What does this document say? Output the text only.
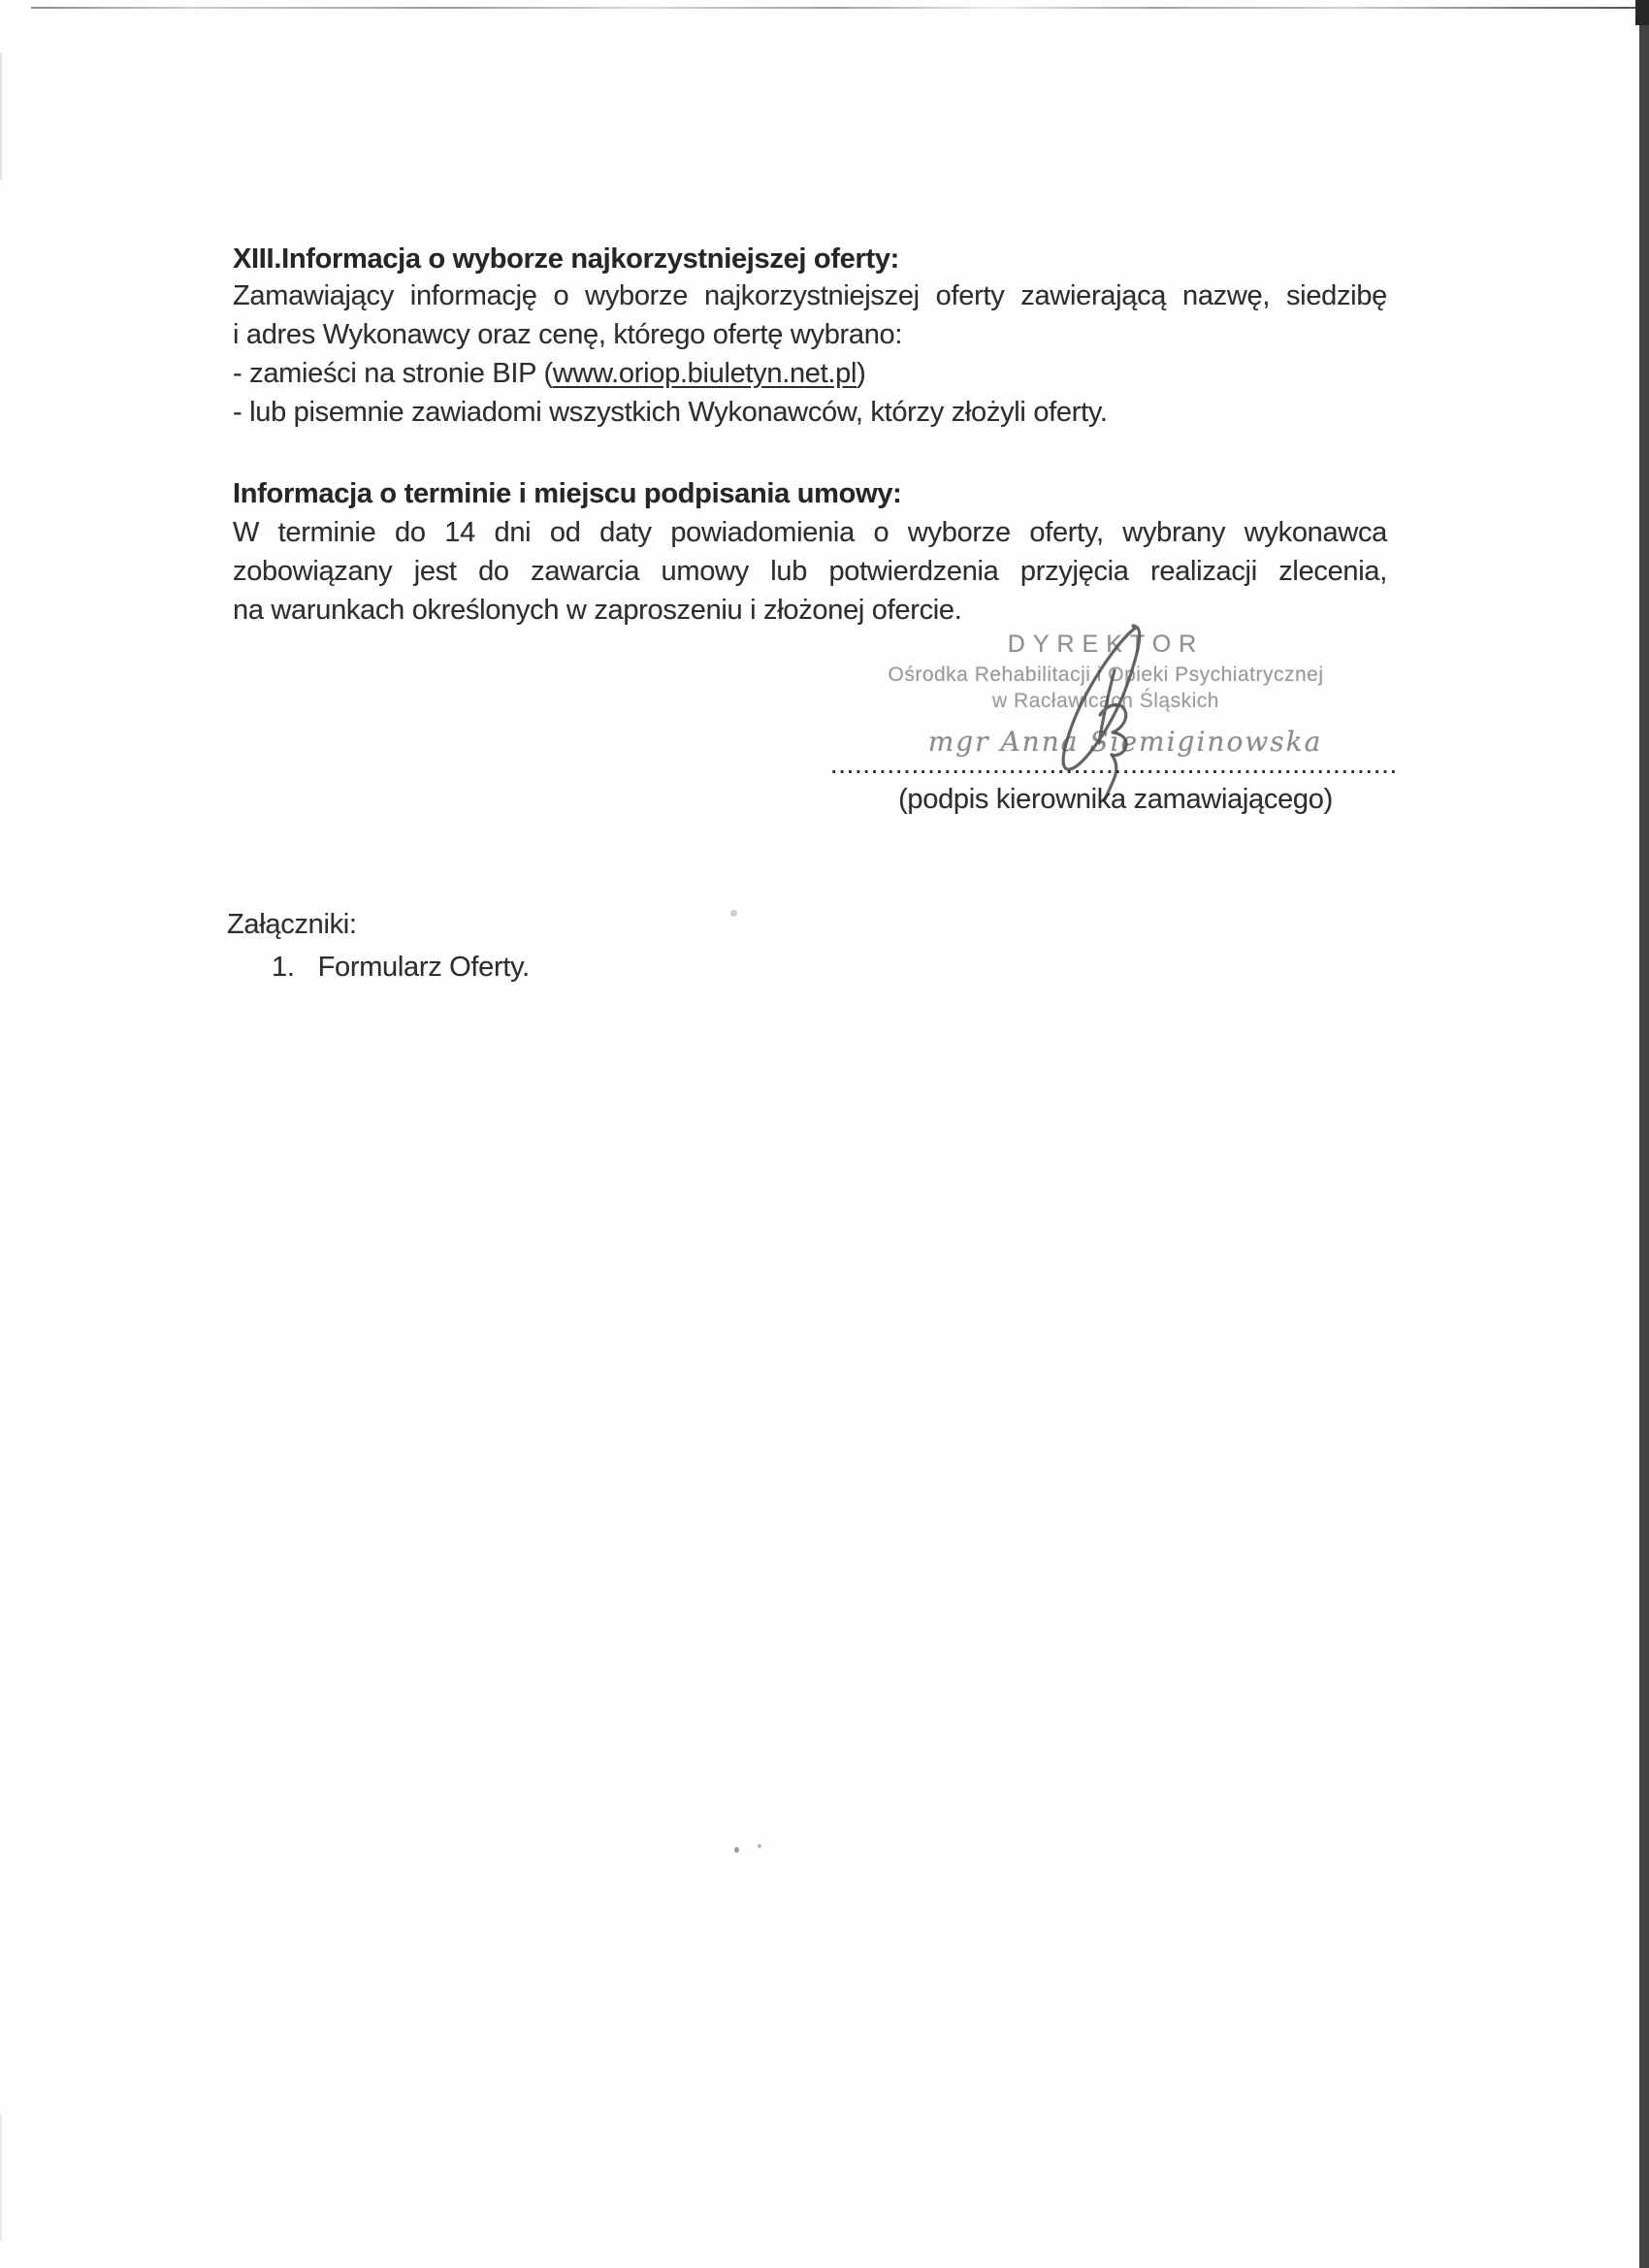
XIII.Informacja o wyborze najkorzystniejszej oferty:
Zamawiający informację o wyborze najkorzystniejszej oferty zawierającą nazwę, siedzibę
i adres Wykonawcy oraz cenę, którego ofertę wybrano:
- zamieści na stronie BIP (www.oriop.biuletyn.net.pl)
- lub pisemnie zawiadomi wszystkich Wykonawców, którzy złożyli oferty.
Informacja o terminie i miejscu podpisania umowy:
W terminie do 14 dni od daty powiadomienia o wyborze oferty, wybrany wykonawca
zobowiązany jest do zawarcia umowy lub potwierdzenia przyjęcia realizacji zlecenia,
na warunkach określonych w zaproszeniu i złożonej ofercie.
DYREKTOR
Ośrodka Rehabilitacji i Opieki Psychiatrycznej
w Racławicach Śląskich
mgr Anna Siemiginowska
......................................................................
(podpis kierownika zamawiającego)
Załączniki:
1. Formularz Oferty.
